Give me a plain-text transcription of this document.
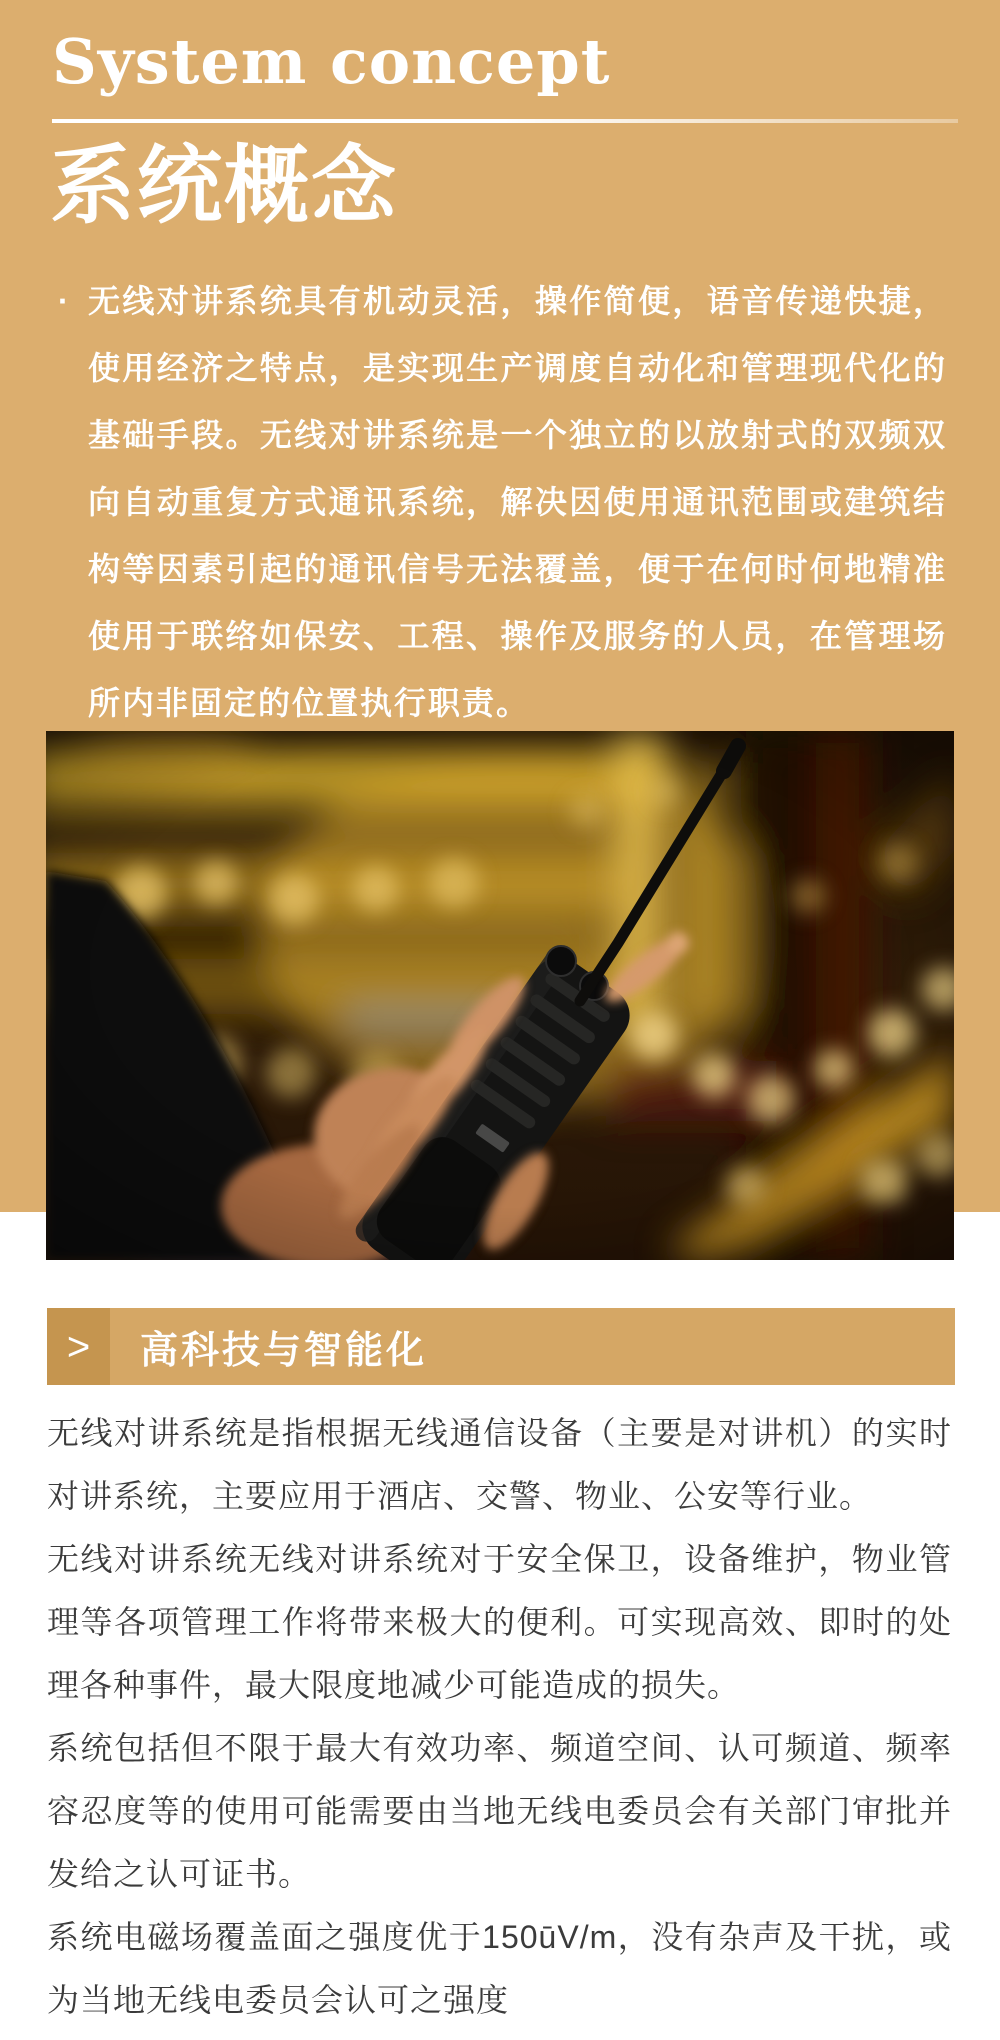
System concept
系统概念
· 无线对讲系统具有机动灵活，操作简便，语音传递快捷，使用经济之特点，是实现生产调度自动化和管理现代化的基础手段。无线对讲系统是一个独立的以放射式的双频双向自动重复方式通讯系统，解决因使用通讯范围或建筑结构等因素引起的通讯信号无法覆盖，便于在何时何地精准使用于联络如保安、工程、操作及服务的人员，在管理场所内非固定的位置执行职责。

> 高科技与智能化

无线对讲系统是指根据无线通信设备（主要是对讲机）的实时对讲系统，主要应用于酒店、交警、物业、公安等行业。

无线对讲系统无线对讲系统对于安全保卫，设备维护，物业管理等各项管理工作将带来极大的便利。可实现高效、即时的处理各种事件，最大限度地减少可能造成的损失。

系统包括但不限于最大有效功率、频道空间、认可频道、频率容忍度等的使用可能需要由当地无线电委员会有关部门审批并发给之认可证书。

系统电磁场覆盖面之强度优于150ūV/m，没有杂声及干扰，或为当地无线电委员会认可之强度
